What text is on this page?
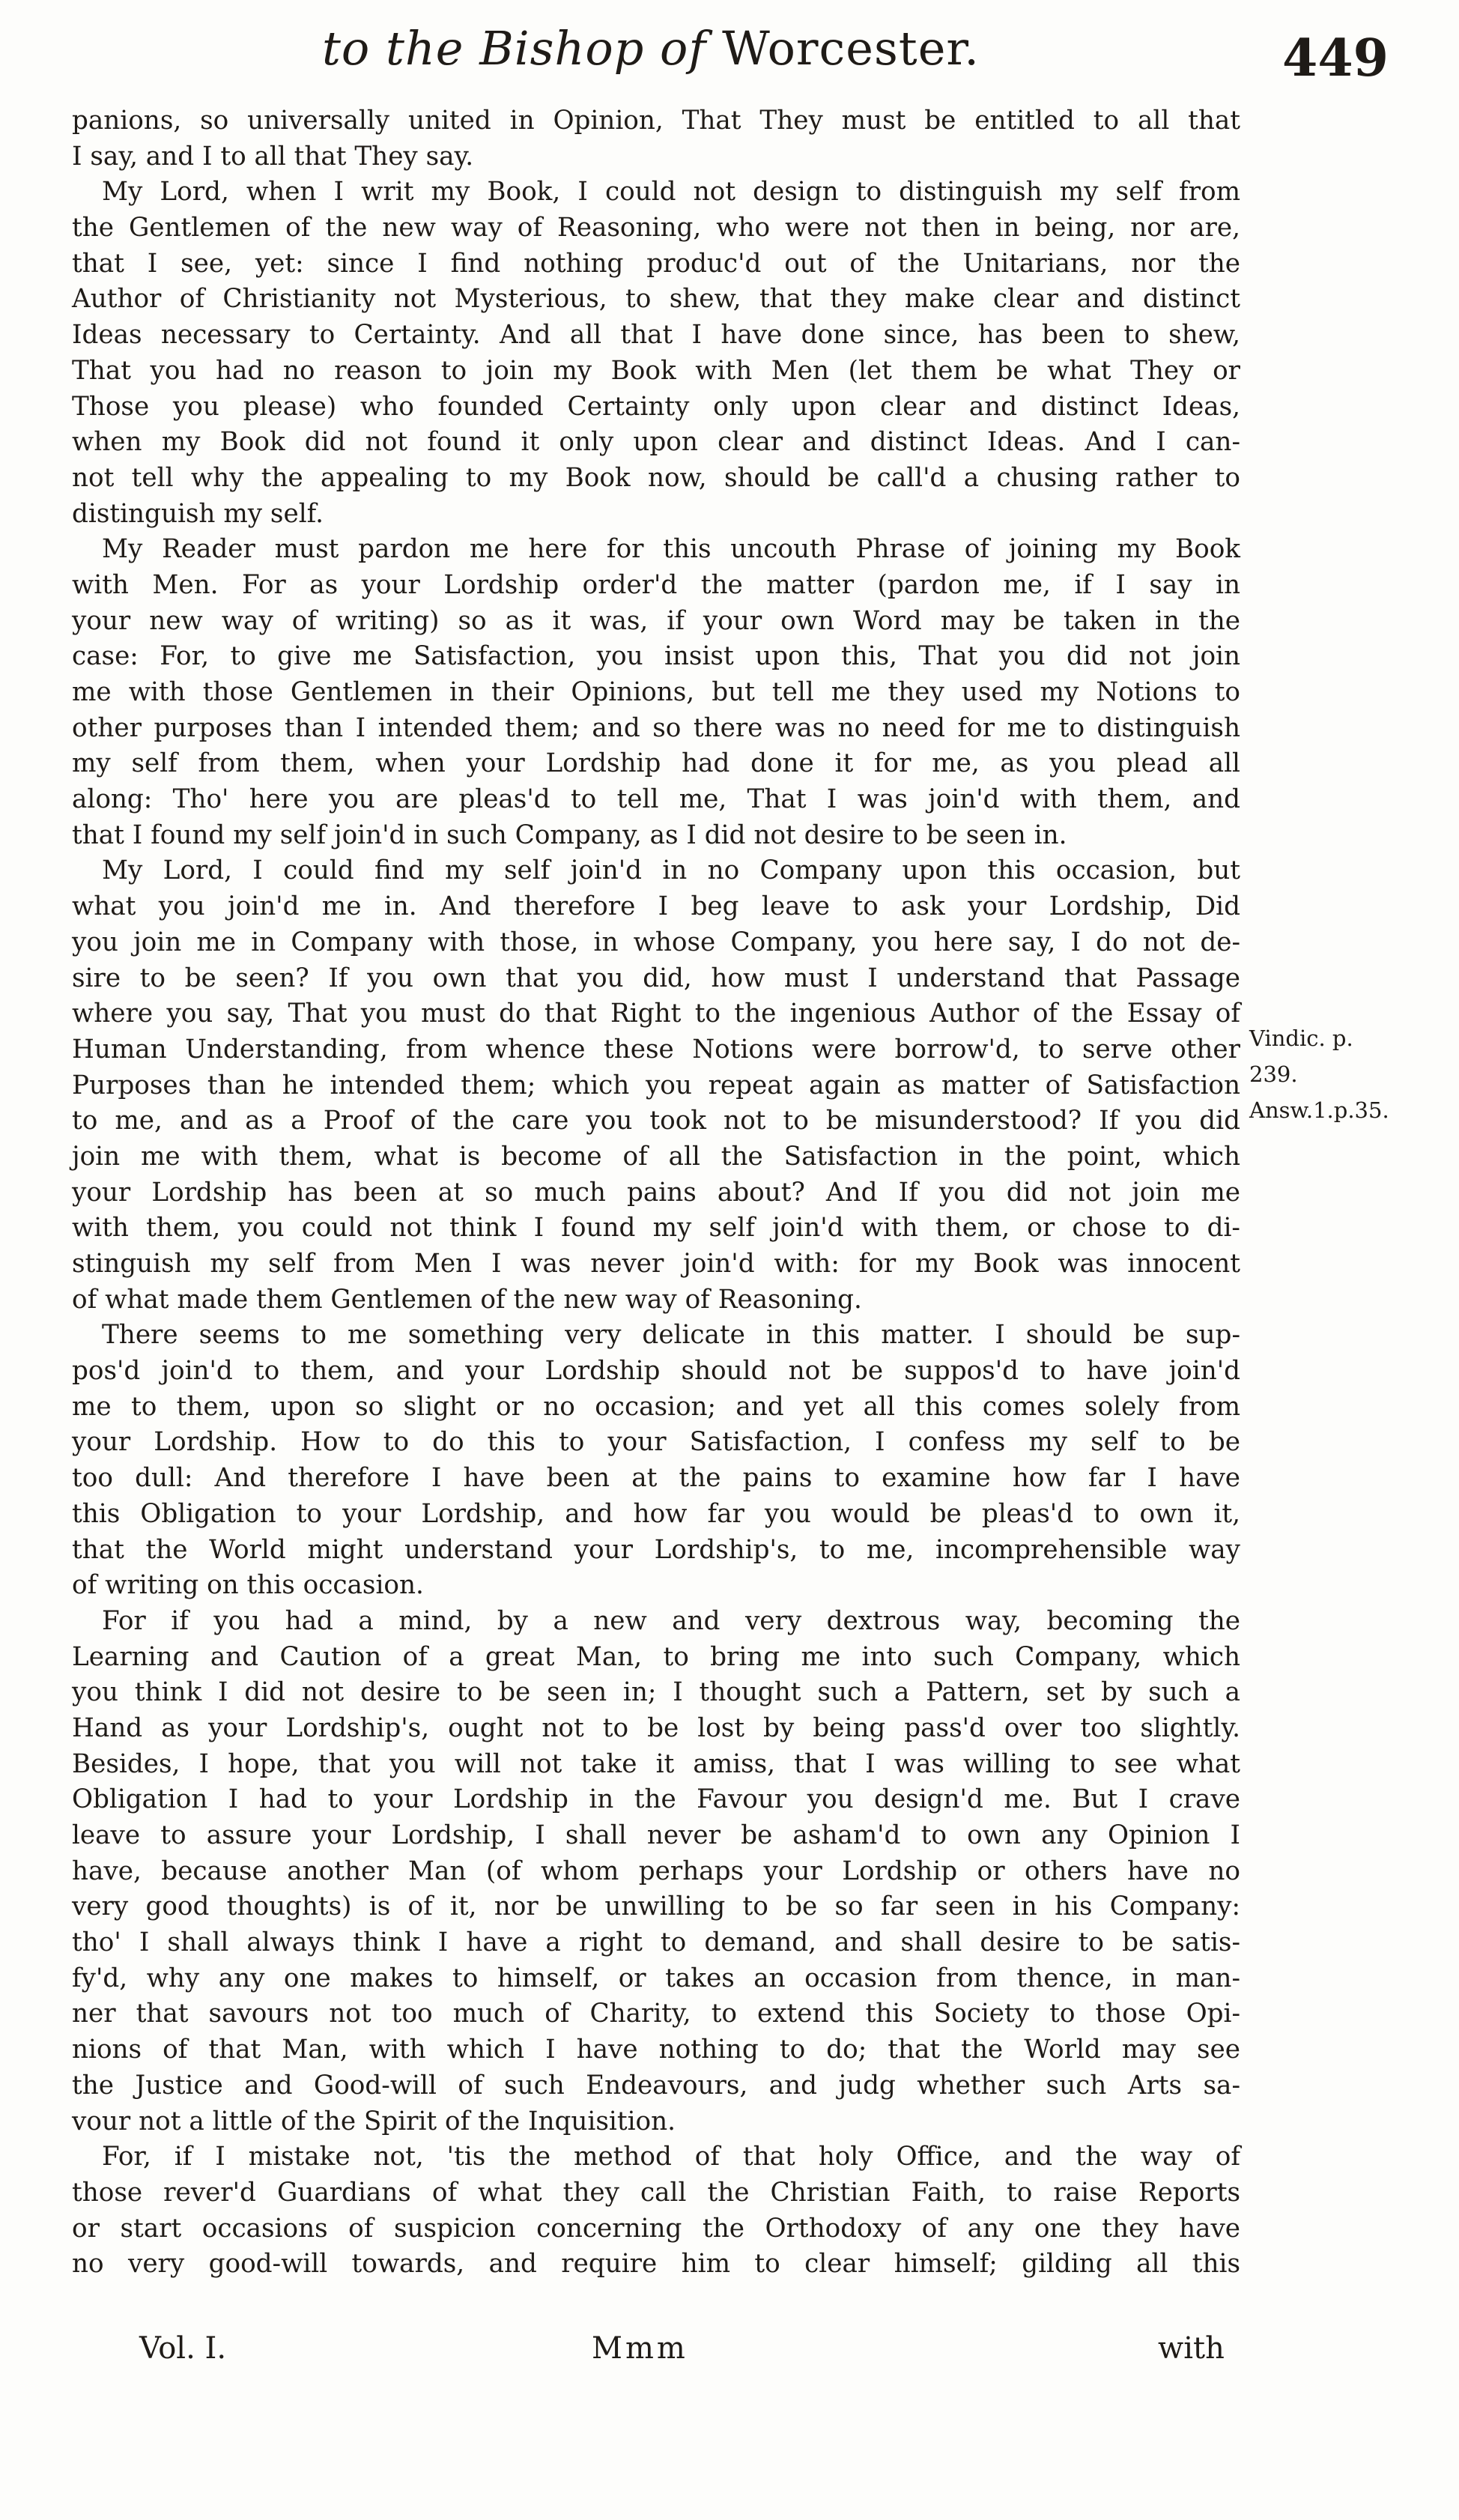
to the Bishop of Worcester.	449
panions, so universally united in Opinion, That They must be entitled to all that
I say, and I to all that They say.
My Lord, when I writ my Book, I could not design to distinguish my self from
the Gentlemen of the new way of Reasoning, who were not then in being, nor are,
that I see, yet: since I find nothing produc'd out of the Unitarians, nor the
Author of Christianity not Mysterious, to shew, that they make clear and distinct
Ideas necessary to Certainty. And all that I have done since, has been to shew,
That you had no reason to join my Book with Men (let them be what They or
Those you please) who founded Certainty only upon clear and distinct Ideas,
when my Book did not found it only upon clear and distinct Ideas. And I can-
not tell why the appealing to my Book now, should be call'd a chusing rather to
distinguish my self.
My Reader must pardon me here for this uncouth Phrase of joining my Book
with Men. For as your Lordship order'd the matter (pardon me, if I say in
your new way of writing) so as it was, if your own Word may be taken in the
case: For, to give me Satisfaction, you insist upon this, That you did not join
me with those Gentlemen in their Opinions, but tell me they used my Notions to
other purposes than I intended them; and so there was no need for me to distinguish
my self from them, when your Lordship had done it for me, as you plead all
along: Tho' here you are pleas'd to tell me, That I was join'd with them, and
that I found my self join'd in such Company, as I did not desire to be seen in.
My Lord, I could find my self join'd in no Company upon this occasion, but
what you join'd me in. And therefore I beg leave to ask your Lordship, Did
you join me in Company with those, in whose Company, you here say, I do not de-
sire to be seen? If you own that you did, how must I understand that Passage
where you say, That you must do that Right to the ingenious Author of the Essay of
Human Understanding, from whence these Notions were borrow'd, to serve other
Purposes than he intended them; which you repeat again as matter of Satisfaction
to me, and as a Proof of the care you took not to be misunderstood? If you did
join me with them, what is become of all the Satisfaction in the point, which
your Lordship has been at so much pains about? And If you did not join me
with them, you could not think I found my self join'd with them, or chose to di-
stinguish my self from Men I was never join'd with: for my Book was innocent
of what made them Gentlemen of the new way of Reasoning.
There seems to me something very delicate in this matter. I should be sup-
pos'd join'd to them, and your Lordship should not be suppos'd to have join'd
me to them, upon so slight or no occasion; and yet all this comes solely from
your Lordship. How to do this to your Satisfaction, I confess my self to be
too dull: And therefore I have been at the pains to examine how far I have
this Obligation to your Lordship, and how far you would be pleas'd to own it,
that the World might understand your Lordship's, to me, incomprehensible way
of writing on this occasion.
For if you had a mind, by a new and very dextrous way, becoming the
Learning and Caution of a great Man, to bring me into such Company, which
you think I did not desire to be seen in; I thought such a Pattern, set by such a
Hand as your Lordship's, ought not to be lost by being pass'd over too slightly.
Besides, I hope, that you will not take it amiss, that I was willing to see what
Obligation I had to your Lordship in the Favour you design'd me. But I crave
leave to assure your Lordship, I shall never be asham'd to own any Opinion I
have, because another Man (of whom perhaps your Lordship or others have no
very good thoughts) is of it, nor be unwilling to be so far seen in his Company:
tho' I shall always think I have a right to demand, and shall desire to be satis-
fy'd, why any one makes to himself, or takes an occasion from thence, in man-
ner that savours not too much of Charity, to extend this Society to those Opi-
nions of that Man, with which I have nothing to do; that the World may see
the Justice and Good-will of such Endeavours, and judg whether such Arts sa-
vour not a little of the Spirit of the Inquisition.
For, if I mistake not, 'tis the method of that holy Office, and the way of
those rever'd Guardians of what they call the Christian Faith, to raise Reports
or start occasions of suspicion concerning the Orthodoxy of any one they have
no very good-will towards, and require him to clear himself; gilding all this
Vindic. p.
239.
Answ.1.p.35.
Vol. I.	Mmm	with
